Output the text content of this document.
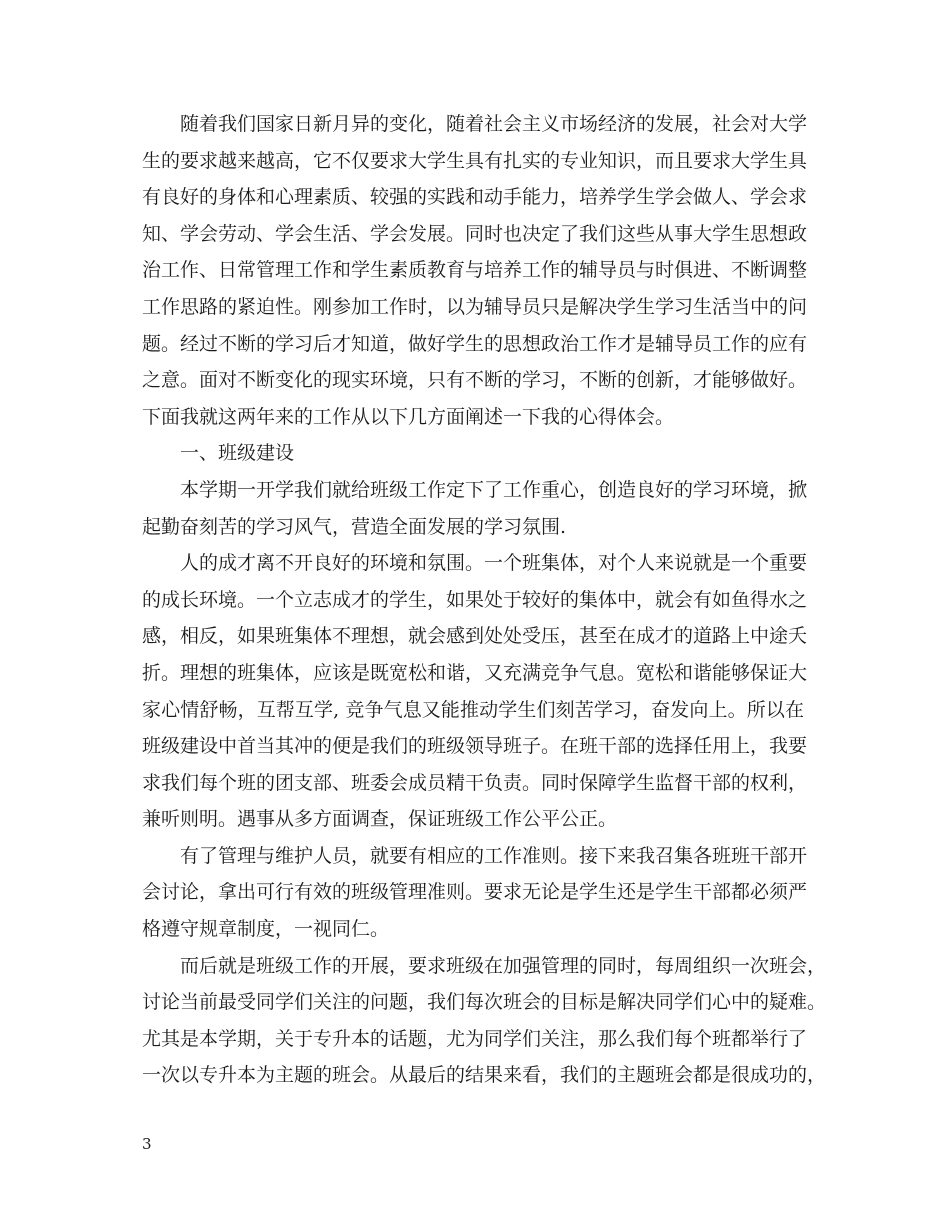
随着我们国家日新月异的变化，随着社会主义市场经济的发展，社会对大学
生的要求越来越高，它不仅要求大学生具有扎实的专业知识，而且要求大学生具
有良好的身体和心理素质、较强的实践和动手能力，培养学生学会做人、学会求
知、学会劳动、学会生活、学会发展。同时也决定了我们这些从事大学生思想政
治工作、日常管理工作和学生素质教育与培养工作的辅导员与时俱进、不断调整
工作思路的紧迫性。刚参加工作时，以为辅导员只是解决学生学习生活当中的问
题。经过不断的学习后才知道，做好学生的思想政治工作才是辅导员工作的应有
之意。面对不断变化的现实环境，只有不断的学习，不断的创新，才能够做好。
下面我就这两年来的工作从以下几方面阐述一下我的心得体会。
一、班级建设
本学期一开学我们就给班级工作定下了工作重心，创造良好的学习环境，掀
起勤奋刻苦的学习风气，营造全面发展的学习氛围.
人的成才离不开良好的环境和氛围。一个班集体，对个人来说就是一个重要
的成长环境。一个立志成才的学生，如果处于较好的集体中，就会有如鱼得水之
感，相反，如果班集体不理想，就会感到处处受压，甚至在成才的道路上中途夭
折。理想的班集体，应该是既宽松和谐，又充满竞争气息。宽松和谐能够保证大
家心情舒畅，互帮互学, 竞争气息又能推动学生们刻苦学习，奋发向上。所以在
班级建设中首当其冲的便是我们的班级领导班子。在班干部的选择任用上，我要
求我们每个班的团支部、班委会成员精干负责。同时保障学生监督干部的权利，
兼听则明。遇事从多方面调查，保证班级工作公平公正。
有了管理与维护人员，就要有相应的工作准则。接下来我召集各班班干部开
会讨论，拿出可行有效的班级管理准则。要求无论是学生还是学生干部都必须严
格遵守规章制度，一视同仁。
而后就是班级工作的开展，要求班级在加强管理的同时，每周组织一次班会，
讨论当前最受同学们关注的问题，我们每次班会的目标是解决同学们心中的疑难。
尤其是本学期，关于专升本的话题，尤为同学们关注，那么我们每个班都举行了
一次以专升本为主题的班会。从最后的结果来看，我们的主题班会都是很成功的，
3
